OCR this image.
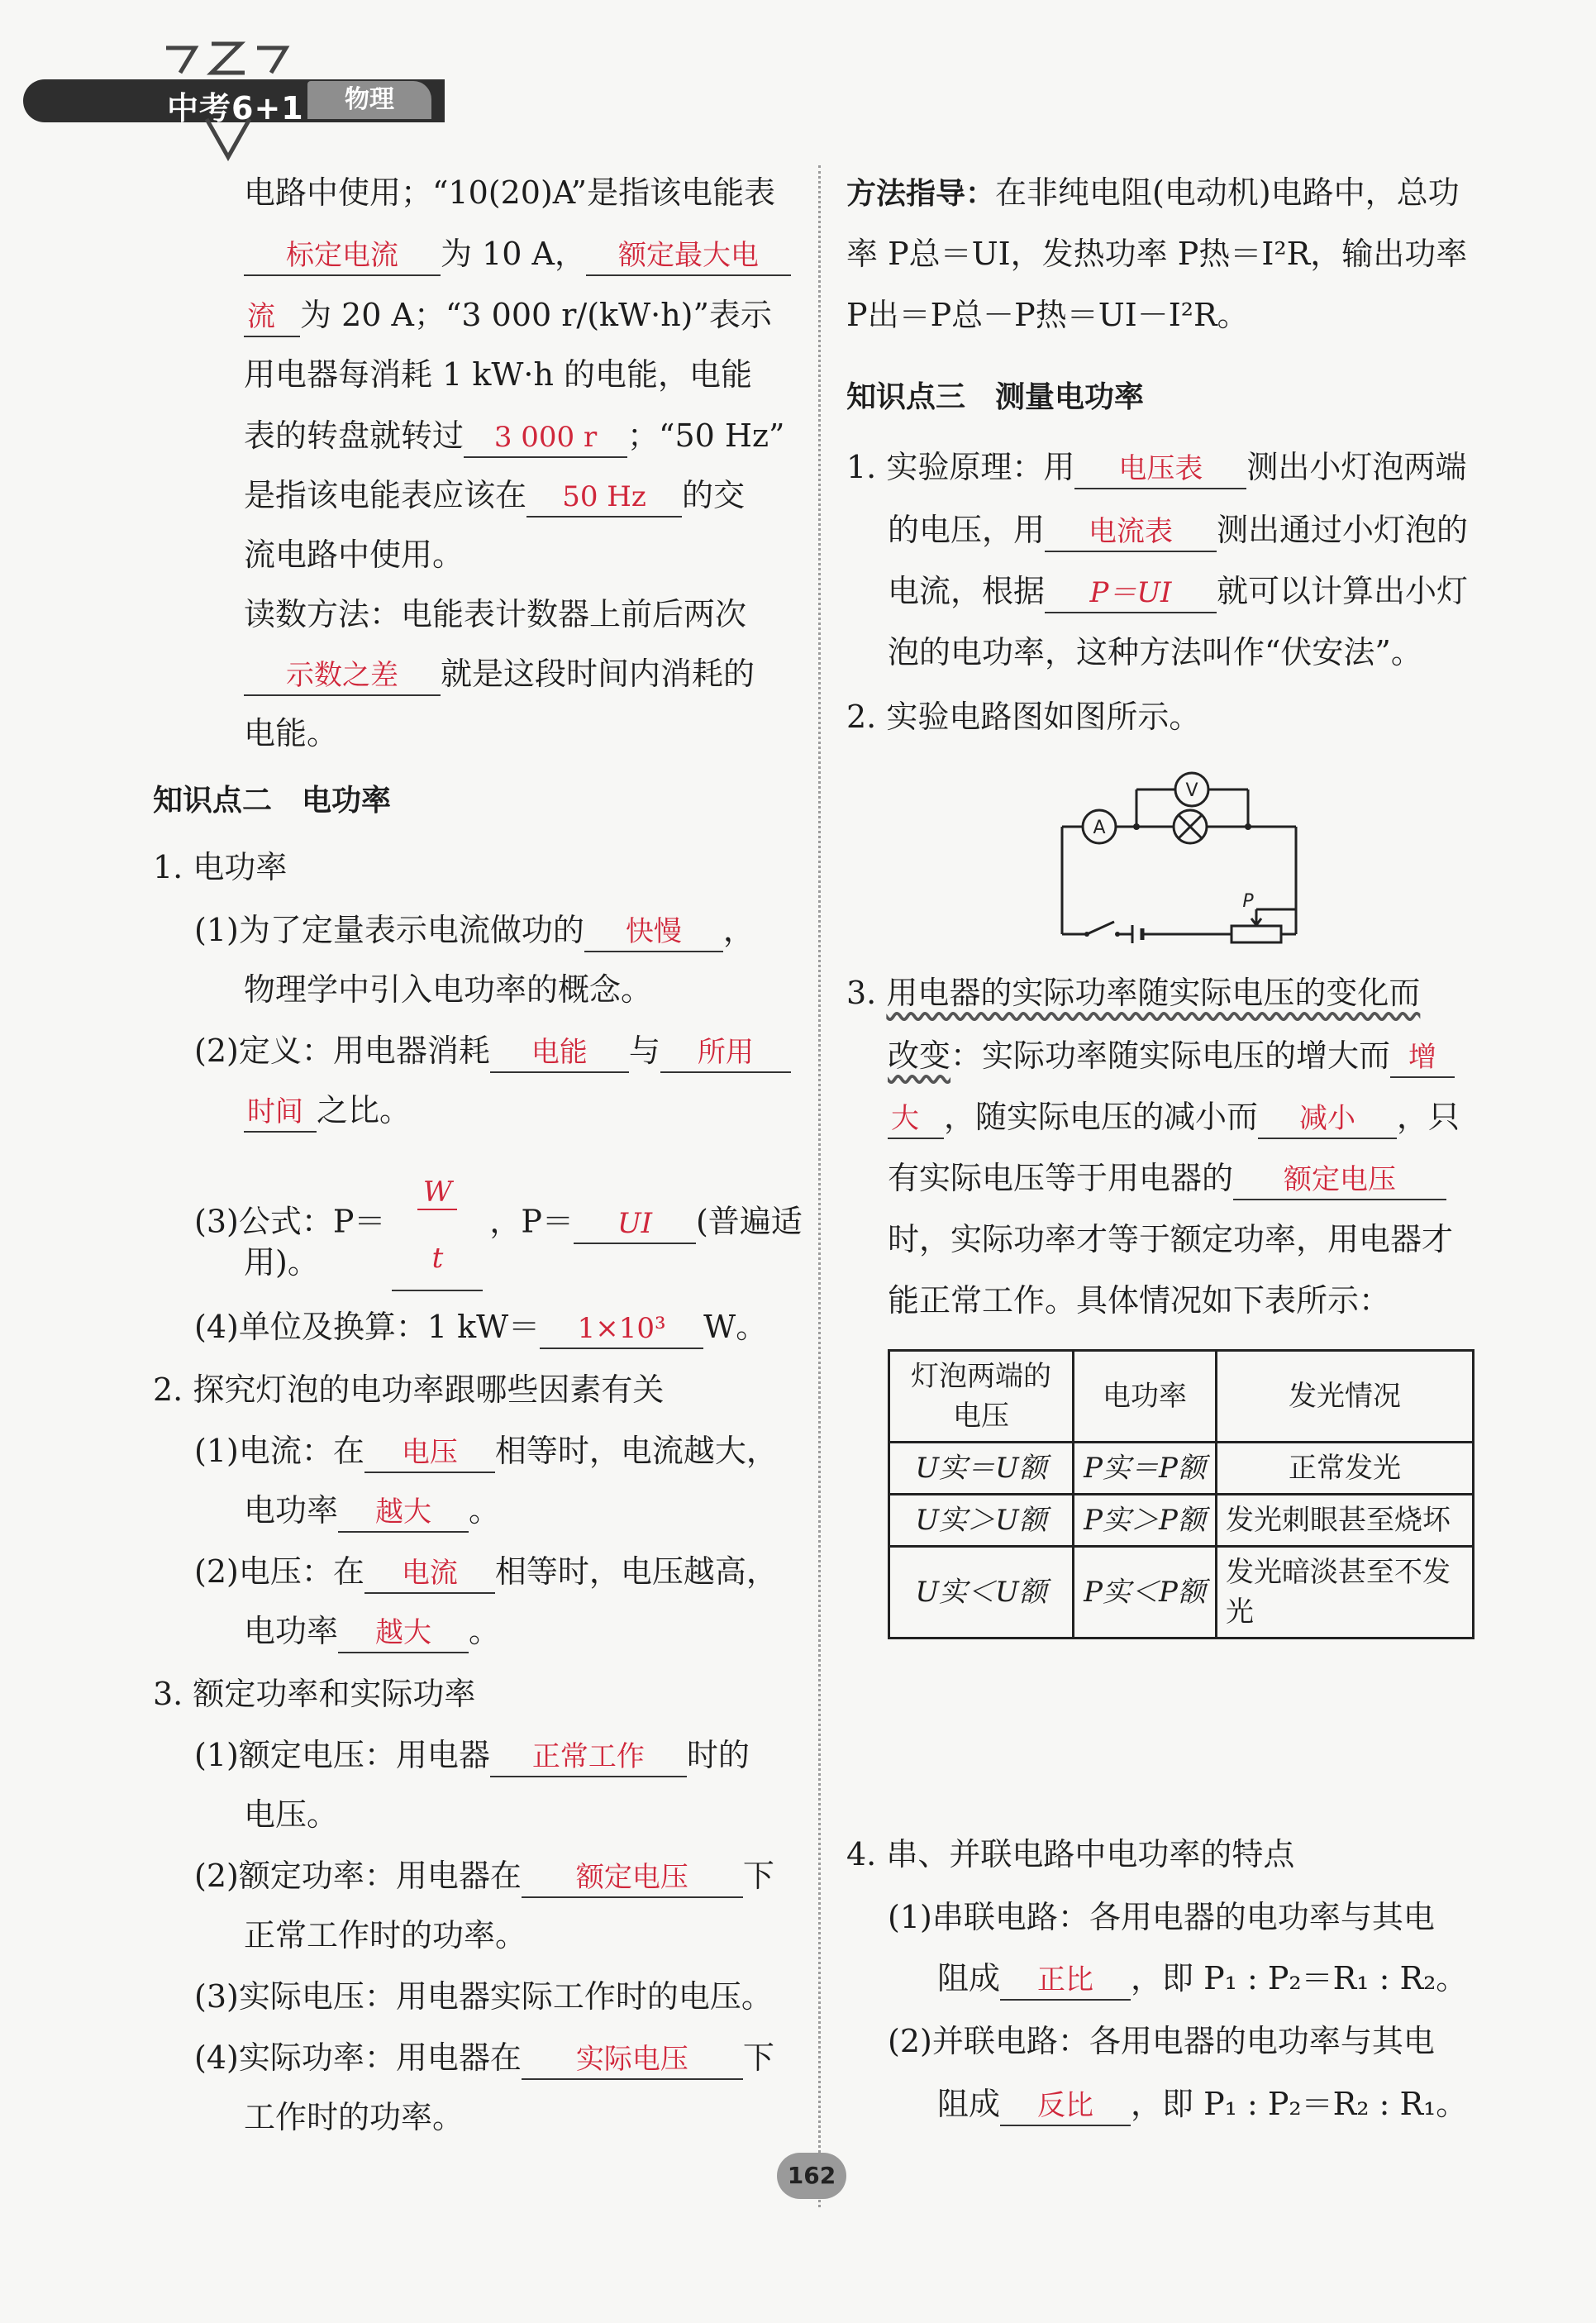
中考6+1	物理
电路中使用；“10(20)A”是指该电能表
标定电流 为 10 A， 额定最大电
流 为 20 A；“3 000 r/(kW·h)”表示
用电器每消耗 1 kW·h 的电能，电能
表的转盘就转过 3 000 r ；“50 Hz”
是指该电能表应该在 50 Hz 的交
流电路中使用。
读数方法：电能表计数器上前后两次
示数之差 就是这段时间内消耗的
电能。
知识点二　电功率
1. 电功率
(1)为了定量表示电流做功的 快慢 ，
物理学中引入电功率的概念。
(2)定义：用电器消耗 电能 与 所用
时间 之比。
(3)公式：$P= \frac{W}{t}$ ，P＝ UI (普遍适
用)。
(4)单位及换算：1 kW＝ 1×10³ W。
2. 探究灯泡的电功率跟哪些因素有关
(1)电流：在 电压 相等时，电流越大，
电功率 越大 。
(2)电压：在 电流 相等时，电压越高，
电功率 越大 。
3. 额定功率和实际功率
(1)额定电压：用电器 正常工作 时的
电压。
(2)额定功率：用电器在 额定电压 下
正常工作时的功率。
(3)实际电压：用电器实际工作时的电压。
(4)实际功率：用电器在 实际电压 下
工作时的功率。
方法指导：在非纯电阻(电动机)电路中，总功
率 P总＝UI，发热功率 P热＝I²R，输出功率
P出＝P总－P热＝UI－I²R。
知识点三　测量电功率
1. 实验原理：用 电压表 测出小灯泡两端
的电压，用 电流表 测出通过小灯泡的
电流，根据 P＝UI 就可以计算出小灯
泡的电功率，这种方法叫作“伏安法”。
2. 实验电路图如图所示。
A
V
P
3. 用电器的实际功率随实际电压的变化而
改变：实际功率随实际电压的增大而 增
大 ，随实际电压的减小而 减小 ，只
有实际电压等于用电器的 额定电压
时，实际功率才等于额定功率，用电器才
能正常工作。具体情况如下表所示：
灯泡两端的电压	电功率	发光情况
U实＝U额	P实＝P额	正常发光
U实＞U额	P实＞P额	发光刺眼甚至烧坏
U实＜U额	P实＜P额	发光暗淡甚至不发光
4. 串、并联电路中电功率的特点
(1)串联电路：各用电器的电功率与其电
阻成 正比 ，即 P₁ : P₂＝R₁ : R₂。
(2)并联电路：各用电器的电功率与其电
阻成 反比 ，即 P₁ : P₂＝R₂ : R₁。
162
